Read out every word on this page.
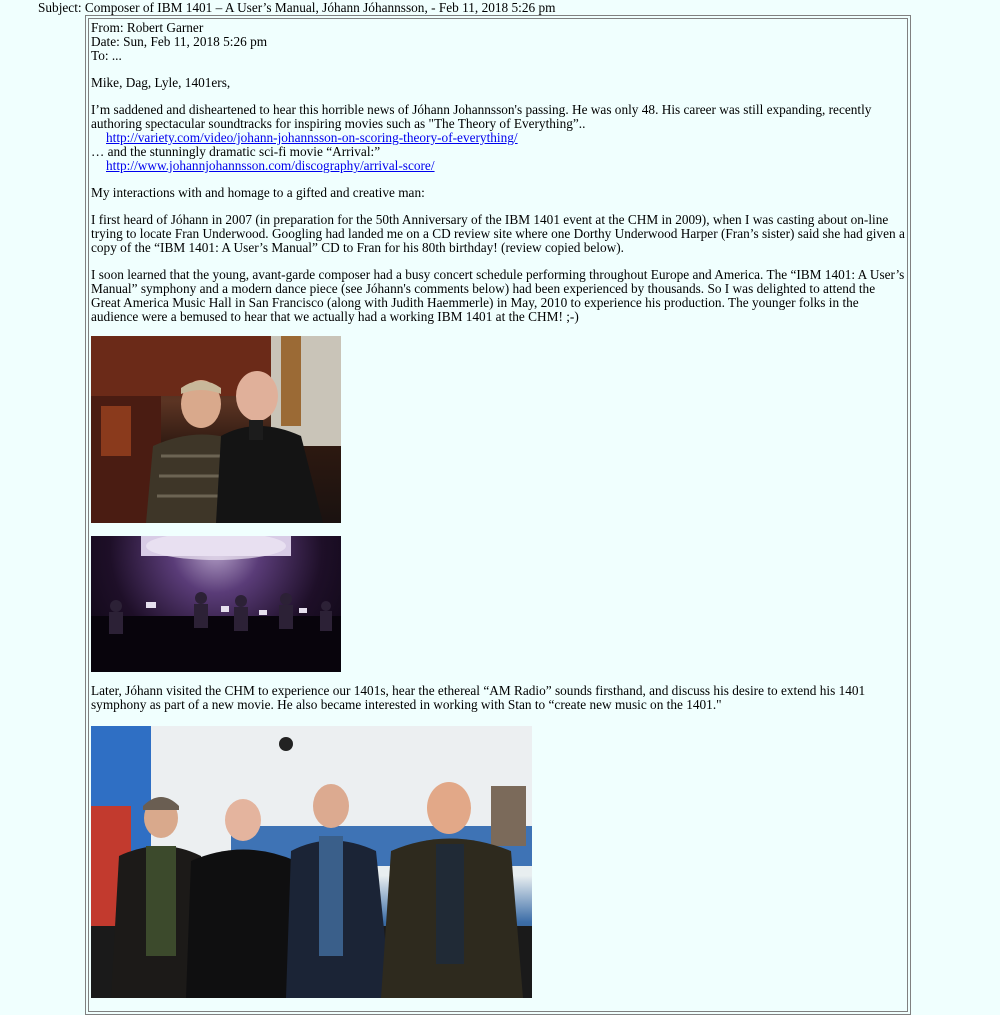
Subject: Composer of IBM 1401 – A User’s Manual, Jóhann Jóhannsson, - Feb 11, 2018 5:26 pm

From: Robert Garner

Date: Sun, Feb 11, 2018 5:26 pm

To: ...

Mike, Dag, Lyle, 1401ers,

I’m saddened and disheartened to hear this horrible news of Jóhann Johannsson's passing. He was only 48. His career was still expanding, recently authoring spectacular soundtracks for inspiring movies such as "The Theory of Everything”..

http://variety.com/video/johann-johannsson-on-scoring-theory-of-everything/

… and the stunningly dramatic sci-fi movie “Arrival:”

http://www.johannjohannsson.com/discography/arrival-score/

My interactions with and homage to a gifted and creative man:

I first heard of Jóhann in 2007 (in preparation for the 50th Anniversary of the IBM 1401 event at the CHM in 2009), when I was casting about on-line trying to locate Fran Underwood. Googling had landed me on a CD review site where one Dorthy Underwood Harper (Fran’s sister) said she had given a copy of the “IBM 1401: A User’s Manual” CD to Fran for his 80th birthday! (review copied below).

I soon learned that the young, avant-garde composer had a busy concert schedule performing throughout Europe and America. The “IBM 1401: A User’s Manual” symphony and a modern dance piece (see Jóhann's comments below) had been experienced by thousands. So I was delighted to attend the Great America Music Hall in San Francisco (along with Judith Haemmerle) in May, 2010 to experience his production. The younger folks in the audience were a bemused to hear that we actually had a working IBM 1401 at the CHM! ;-)

Later, Jóhann visited the CHM to experience our 1401s, hear the ethereal “AM Radio” sounds firsthand, and discuss his desire to extend his 1401 symphony as part of a new movie. He also became interested in working with Stan to “create new music on the 1401."
